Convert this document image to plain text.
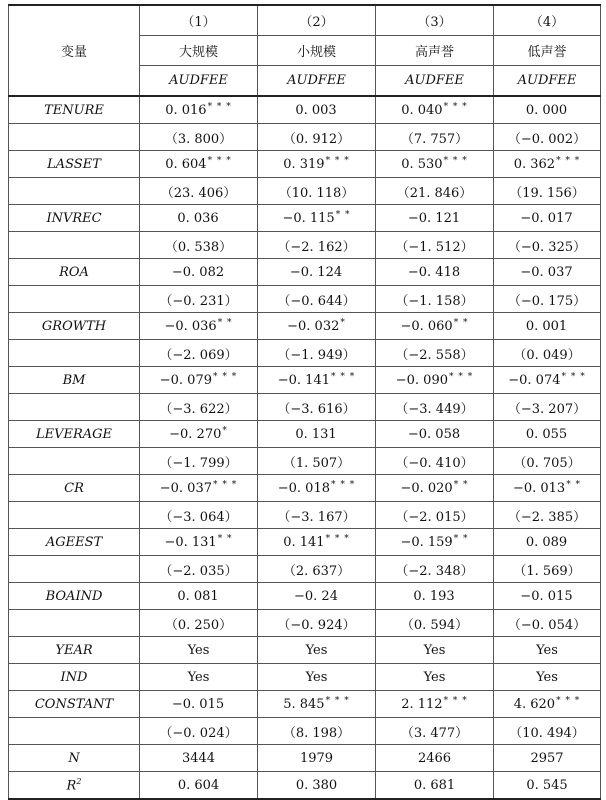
变量	（1）	（2）	（3）	（4）
	大规模	小规模	高声誉	低声誉
	AUDFEE	AUDFEE	AUDFEE	AUDFEE
TENURE	0. 016* * *	0. 003	0. 040* * *	0. 000
	（3. 800）	（0. 912）	（7. 757）	（−0. 002）
LASSET	0. 604* * *	0. 319* * *	0. 530* * *	0. 362* * *
	（23. 406）	（10. 118）	（21. 846）	（19. 156）
INVREC	0. 036	−0. 115* *	−0. 121	−0. 017
	（0. 538）	（−2. 162）	（−1. 512）	（−0. 325）
ROA	−0. 082	−0. 124	−0. 418	−0. 037
	（−0. 231）	（−0. 644）	（−1. 158）	（−0. 175）
GROWTH	−0. 036* *	−0. 032*	−0. 060* *	0. 001
	（−2. 069）	（−1. 949）	（−2. 558）	（0. 049）
BM	−0. 079* * *	−0. 141* * *	−0. 090* * *	−0. 074* * *
	（−3. 622）	（−3. 616）	（−3. 449）	（−3. 207）
LEVERAGE	−0. 270*	0. 131	−0. 058	0. 055
	（−1. 799）	（1. 507）	（−0. 410）	（0. 705）
CR	−0. 037* * *	−0. 018* * *	−0. 020* *	−0. 013* *
	（−3. 064）	（−3. 167）	（−2. 015）	（−2. 385）
AGEEST	−0. 131* *	0. 141* * *	−0. 159* *	0. 089
	（−2. 035）	（2. 637）	（−2. 348）	（1. 569）
BOAIND	0. 081	−0. 24	0. 193	−0. 015
	（0. 250）	（−0. 924）	（0. 594）	（−0. 054）
YEAR	Yes	Yes	Yes	Yes
IND	Yes	Yes	Yes	Yes
CONSTANT	−0. 015	5. 845* * *	2. 112* * *	4. 620* * *
	（−0. 024）	（8. 198）	（3. 477）	（10. 494）
N	3444	1979	2466	2957
$R^2$	0. 604	0. 380	0. 681	0. 545
